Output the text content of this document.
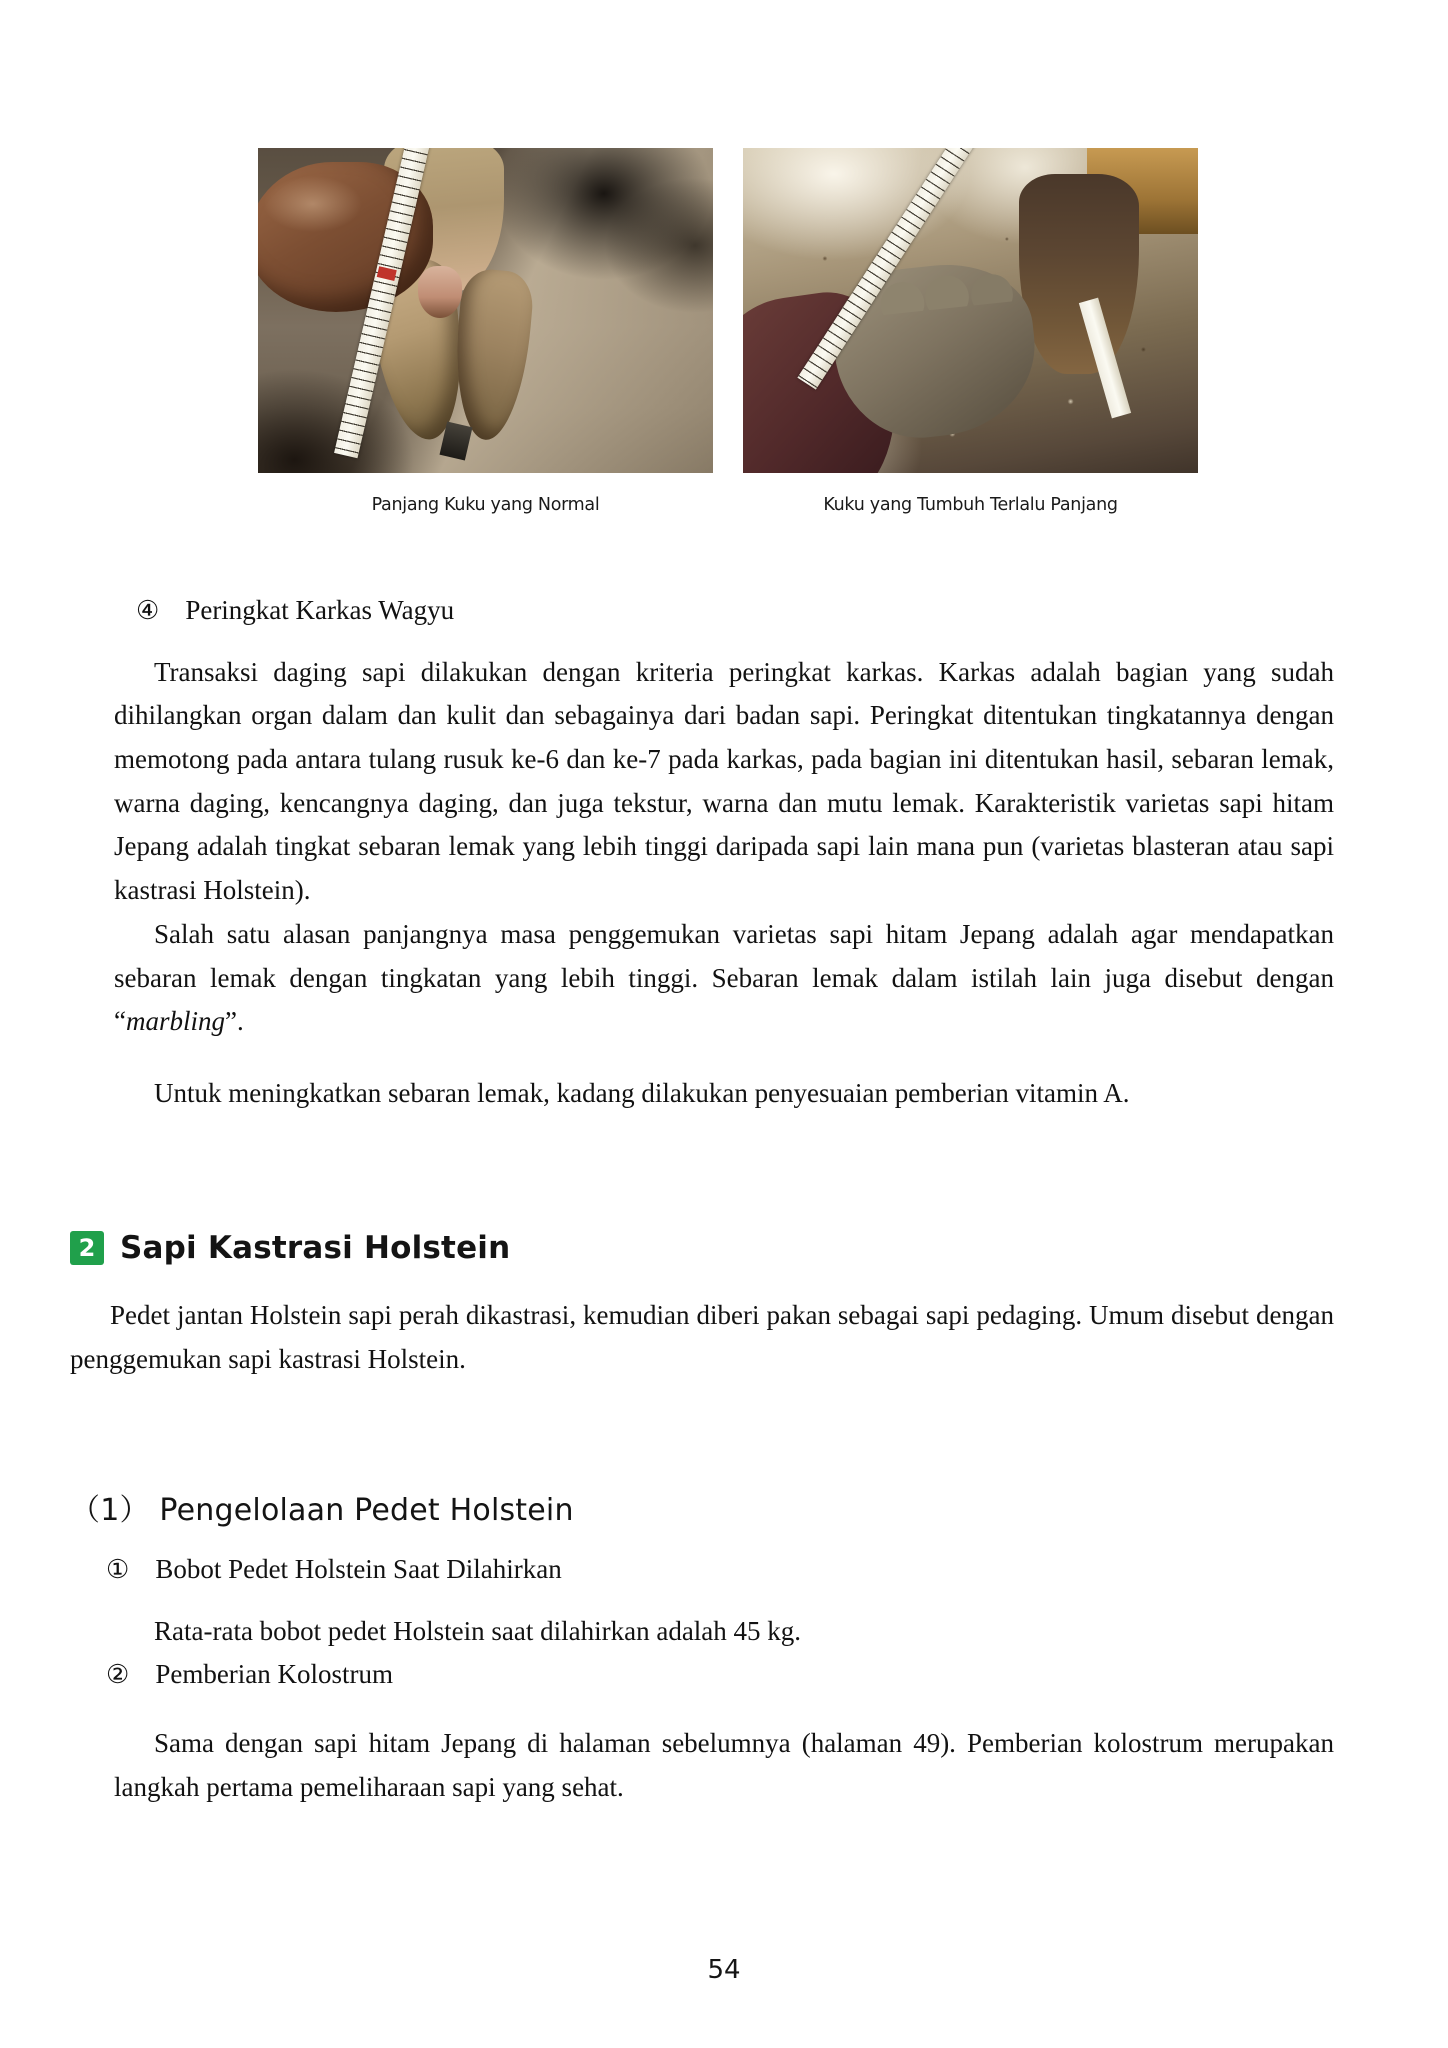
Panjang Kuku yang Normal	Kuku yang Tumbuh Terlalu Panjang
④ Peringkat Karkas Wagyu

Transaksi daging sapi dilakukan dengan kriteria peringkat karkas. Karkas adalah bagian yang sudah dihilangkan organ dalam dan kulit dan sebagainya dari badan sapi. Peringkat ditentukan tingkatannya dengan memotong pada antara tulang rusuk ke-6 dan ke-7 pada karkas, pada bagian ini ditentukan hasil, sebaran lemak, warna daging, kencangnya daging, dan juga tekstur, warna dan mutu lemak. Karakteristik varietas sapi hitam Jepang adalah tingkat sebaran lemak yang lebih tinggi daripada sapi lain mana pun (varietas blasteran atau sapi kastrasi Holstein).

Salah satu alasan panjangnya masa penggemukan varietas sapi hitam Jepang adalah agar mendapatkan sebaran lemak dengan tingkatan yang lebih tinggi. Sebaran lemak dalam istilah lain juga disebut dengan “marbling”.

Untuk meningkatkan sebaran lemak, kadang dilakukan penyesuaian pemberian vitamin A.

2 Sapi Kastrasi Holstein

Pedet jantan Holstein sapi perah dikastrasi, kemudian diberi pakan sebagai sapi pedaging. Umum disebut dengan penggemukan sapi kastrasi Holstein.

（1） Pengelolaan Pedet Holstein
① Bobot Pedet Holstein Saat Dilahirkan

Rata-rata bobot pedet Holstein saat dilahirkan adalah 45 kg.

② Pemberian Kolostrum

Sama dengan sapi hitam Jepang di halaman sebelumnya (halaman 49). Pemberian kolostrum merupakan langkah pertama pemeliharaan sapi yang sehat.

54
